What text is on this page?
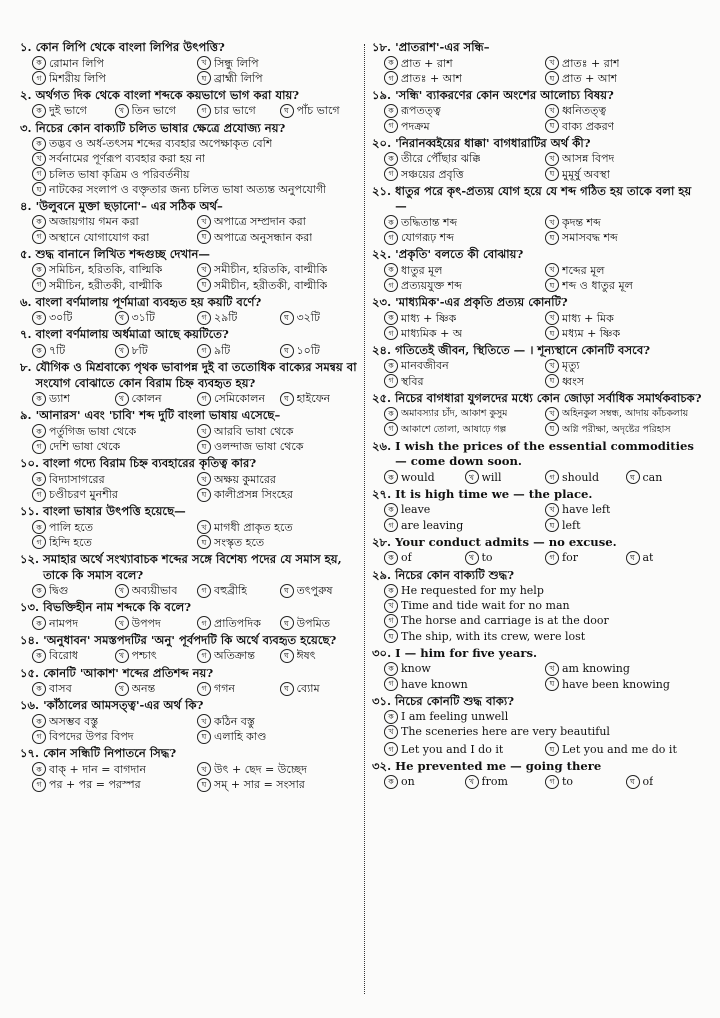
১. কোন লিপি থেকে বাংলা লিপির উৎপত্তি?
ক রোমান লিপি	খ সিন্ধু লিপি
গ মিশরীয় লিপি	ঘ ব্রাহ্মী লিপি
২. অর্থগত দিক থেকে বাংলা শব্দকে কয়ভাগে ভাগ করা যায়?
ক দুই ভাগে	খ তিন ভাগে	গ চার ভাগে	ঘ পাঁচ ভাগে
৩. নিচের কোন বাক্যটি চলিত ভাষার ক্ষেত্রে প্রযোজ্য নয়?
ক তদ্ভব ও অর্ধ-তৎসম শব্দের ব্যবহার অপেক্ষাকৃত বেশি
খ সর্বনামের পূর্ণরূপ ব্যবহার করা হয় না
গ চলিত ভাষা কৃত্রিম ও পরিবর্তনীয়
ঘ নাটকের সংলাপ ও বক্তৃতার জন্য চলিত ভাষা অত্যন্ত অনুপযোগী
৪. 'উলুবনে মুক্তা ছড়ানো'– এর সঠিক অর্থ–
ক অজায়গায় গমন করা	খ অপাত্রে সম্প্রদান করা
গ অস্থানে যোগাযোগ করা	ঘ অপাত্রে অনুসন্ধান করা
৫. শুদ্ধ বানানে লিখিত শব্দগুচ্ছ দেখান—
ক সমিচিন, হরিতকি, বাল্মিকি	খ সমীচীন, হরিতকি, বাল্মীকি
গ সমীচিন, হরীতকী, বাল্মীকি	ঘ সমীচীন, হরীতকী, বাল্মীকি
৬. বাংলা বর্ণমালায় পূর্ণমাত্রা ব্যবহৃত হয় কয়টি বর্ণে?
ক ৩০টি	খ ৩১টি	গ ২৯টি	ঘ ৩২টি
৭. বাংলা বর্ণমালায় অর্ধমাত্রা আছে কয়টিতে?
ক ৭টি	খ ৮টি	গ ৯টি	ঘ ১০টি
৮. যৌগিক ও মিশ্রবাক্যে পৃথক ভাবাপন্ন দুই বা ততোধিক বাক্যের সমন্বয় বা সংযোগ বোঝাতে কোন বিরাম চিহ্ন ব্যবহৃত হয়?
ক ড্যাশ	খ কোলন	গ সেমিকোলন	ঘ হাইফেন
৯. 'আনারস' এবং 'চাবি' শব্দ দুটি বাংলা ভাষায় এসেছে–
ক পর্তুগিজ ভাষা থেকে	খ আরবি ভাষা থেকে
গ দেশি ভাষা থেকে	ঘ ওলন্দাজ ভাষা থেকে
১০. বাংলা গদ্যে বিরাম চিহ্ন ব্যবহারের কৃতিত্ব কার?
ক বিদ্যাসাগরের	খ অক্ষয় কুমারের
গ চণ্ডীচরণ মুনশীর	ঘ কালীপ্রসন্ন সিংহের
১১. বাংলা ভাষার উৎপত্তি হয়েছে—
ক পালি হতে	খ মাগধী প্রাকৃত হতে
গ হিন্দি হতে	ঘ সংস্কৃত হতে
১২. সমাহার অর্থে সংখ্যাবাচক শব্দের সঙ্গে বিশেষ্য পদের যে সমাস হয়, তাকে কি সমাস বলে?
ক দ্বিগু	খ অব্যয়ীভাব	গ বহুব্রীহি	ঘ তৎপুরুষ
১৩. বিভক্তিহীন নাম শব্দকে কি বলে?
ক নামপদ	খ উপপদ	গ প্রাতিপদিক	ঘ উপমিত
১৪. 'অনুধাবন' সমস্তপদটির 'অনু' পূর্বপদটি কি অর্থে ব্যবহৃত হয়েছে?
ক বিরোধ	খ পশ্চাৎ	গ অতিক্রান্ত	ঘ ঈষৎ
১৫. কোনটি 'আকাশ' শব্দের প্রতিশব্দ নয়?
ক বাসব	খ অনন্ত	গ গগন	ঘ ব্যোম
১৬. 'কাঁঠালের আমসত্ত্ব'-এর অর্থ কি?
ক অসম্ভব বস্তু	খ কঠিন বস্তু
গ বিপদের উপর বিপদ	ঘ এলাহি কাণ্ড
১৭. কোন সন্ধিটি নিপাতনে সিদ্ধ?
ক বাক্ + দান = বাগদান	খ উৎ + ছেদ = উচ্ছেদ
গ পর + পর = পরস্পর	ঘ সম্ + সার = সংসার
১৮. 'প্রাতরাশ'-এর সন্ধি–
ক প্রাত + রাশ	খ প্রাতঃ + রাশ
গ প্রাতঃ + আশ	ঘ প্রাত + আশ
১৯. 'সন্ধি' ব্যাকরণের কোন অংশের আলোচ্য বিষয়?
ক রূপতত্ত্ব	খ ধ্বনিতত্ত্ব
গ পদক্রম	ঘ বাক্য প্রকরণ
২০. 'নিরানব্বইয়ের ধাক্কা' বাগধারাটির অর্থ কী?
ক তীরে পৌঁছার ঝক্কি	খ আসন্ন বিপদ
গ সঞ্চয়ের প্রবৃত্তি	ঘ মুমূর্ষু অবস্থা
২১. ধাতুর পরে কৃৎ-প্রত্যয় যোগ হয়ে যে শব্দ গঠিত হয় তাকে বলা হয়—
ক তদ্ধিতান্ত শব্দ	খ কৃদন্ত শব্দ
গ যোগরূঢ় শব্দ	ঘ সমাসবদ্ধ শব্দ
২২. 'প্রকৃতি' বলতে কী বোঝায়?
ক ধাতুর মূল	খ শব্দের মূল
গ প্রত্যয়যুক্ত শব্দ	ঘ শব্দ ও ধাতুর মূল
২৩. 'মাধ্যমিক'-এর প্রকৃতি প্রত্যয় কোনটি?
ক মাধ্য + ষ্ণিক	খ মাধ্য + মিক
গ মাধ্যমিক + অ	ঘ মধ্যম + ষ্ণিক
২৪. গতিতেই জীবন, স্থিতিতে — । শূন্যস্থানে কোনটি বসবে?
ক মানবজীবন	খ মৃত্যু
গ স্থবির	ঘ ধ্বংস
২৫. নিচের বাগধারা যুগলদের মধ্যে কোন জোড়া সর্বাধিক সমার্থকবাচক?
ক অমাবস্যার চাঁদ, আকাশ কুসুম	খ অহিনকুল সম্বন্ধ, আদায় কাঁচকলায়
গ আকাশে তোলা, আষাঢ়ে গল্প	ঘ অগ্নি পরীক্ষা, অদৃষ্টের পরিহাস
২৬. I wish the prices of the essential commodities — come down soon.
ক would	খ will	গ should	ঘ can
২৭. It is high time we — the place.
ক leave	খ have left
গ are leaving	ঘ left
২৮. Your conduct admits — no excuse.
ক of	খ to	গ for	ঘ at
২৯. নিচের কোন বাক্যটি শুদ্ধ?
ক He requested for my help
খ Time and tide wait for no man
গ The horse and carriage is at the door
ঘ The ship, with its crew, were lost
৩০. I — him for five years.
ক know	খ am knowing
গ have known	ঘ have been knowing
৩১. নিচের কোনটি শুদ্ধ বাক্য?
ক I am feeling unwell
খ The sceneries here are very beautiful
গ Let you and I do it	ঘ Let you and me do it
৩২. He prevented me — going there
ক on	খ from	গ to	ঘ of
